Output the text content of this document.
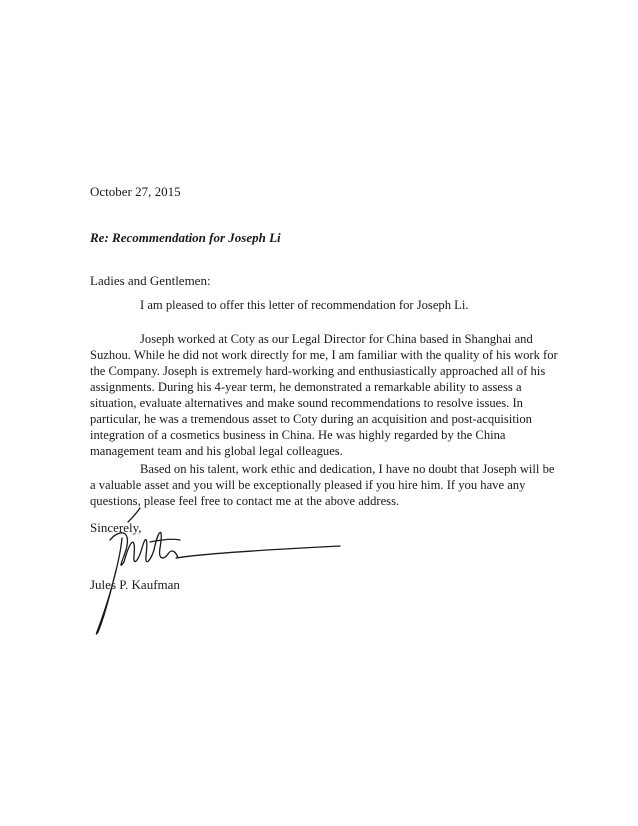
October 27, 2015
Re: Recommendation for Joseph Li
Ladies and Gentlemen:

I am pleased to offer this letter of recommendation for Joseph Li.

Joseph worked at Coty as our Legal Director for China based in Shanghai and Suzhou. While he did not work directly for me, I am familiar with the quality of his work for the Company. Joseph is extremely hard-working and enthusiastically approached all of his assignments. During his 4-year term, he demonstrated a remarkable ability to assess a situation, evaluate alternatives and make sound recommendations to resolve issues. In particular, he was a tremendous asset to Coty during an acquisition and post-acquisition integration of a cosmetics business in China. He was highly regarded by the China management team and his global legal colleagues.

Based on his talent, work ethic and dedication, I have no doubt that Joseph will be a valuable asset and you will be exceptionally pleased if you hire him. If you have any questions, please feel free to contact me at the above address.

Sincerely,
Jules P. Kaufman
